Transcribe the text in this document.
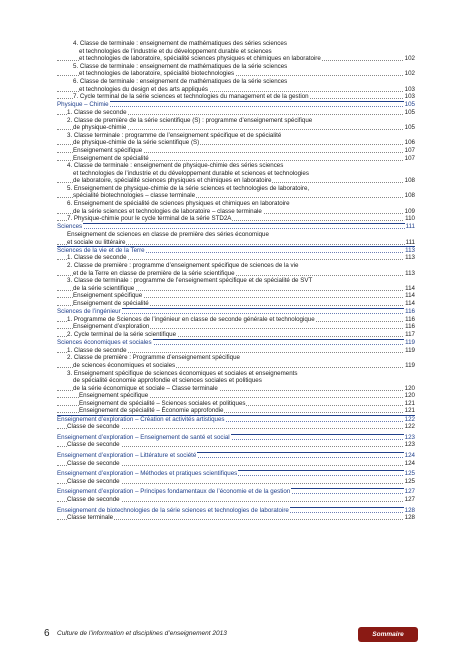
4. Classe de terminale : enseignement de mathématiques des séries sciences
et technologies de l’industrie et du développement durable et sciences
et technologies de laboratoire, spécialité sciences physiques et chimiques en laboratoire	102
5. Classe de terminale : enseignement de mathématiques de la série sciences
et technologies de laboratoire, spécialité biotechnologies	102
6. Classe de terminale : enseignement de mathématiques de la série sciences
et technologies du design et des arts appliqués	103
7. Cycle terminal de la série sciences et technologies du management et de la gestion	103
Physique – Chimie	105
1. Classe de seconde	105
2. Classe de première de la série scientifique (S) : programme d’enseignement spécifique
de physique-chimie	105
3. Classe terminale : programme de l’enseignement spécifique et de spécialité
de physique-chimie de la série scientifique (S)	106
Enseignement spécifique	107
Enseignement de spécialité	107
4. Classe de terminale : enseignement de physique-chimie des séries sciences
et technologies de l’industrie et du développement durable et sciences et technologies
de laboratoire, spécialité sciences physiques et chimiques en laboratoire	108
5. Enseignement de physique-chimie de la série sciences et technologies de laboratoire,
spécialité biotechnologies – classe terminale	108
6. Enseignement de spécialité de sciences physiques et chimiques en laboratoire
de la série sciences et technologies de laboratoire – classe terminale	109
7. Physique-chimie pour le cycle terminal de la série STD2A	110
Sciences	111
Enseignement de sciences en classe de première des séries économique
et sociale ou littéraire	111
Sciences de la vie et de la Terre	113
1. Classe de seconde	113
2. Classe de première : programme d’enseignement spécifique de sciences de la vie
et de la Terre en classe de première de la série scientifique	113
3. Classe de terminale : programme de l’enseignement spécifique et de spécialité de SVT
de la série scientifique	114
Enseignement spécifique	114
Enseignement de spécialité	114
Sciences de l’ingénieur	116
1. Programme de Sciences de l’ingénieur en classe de seconde générale et technologique	116
Enseignement d’exploration	116
2. Cycle terminal de la série scientifique	117
Sciences économiques et sociales	119
1. Classe de seconde	119
2. Classe de première : Programme d’enseignement spécifique
de sciences économiques et sociales	119
3. Enseignement spécifique de sciences économiques et sociales et enseignements
de spécialité économie approfondie et sciences sociales et politiques
de la série économique et sociale – Classe terminale	120
Enseignement spécifique	120
Enseignement de spécialité – Sciences sociales et politiques	121
Enseignement de spécialité – Économie approfondie	121
Enseignement d’exploration – Création et activités artistiques	122
Classe de seconde	122
Enseignement d’exploration – Enseignement de santé et social	123
Classe de seconde	123
Enseignement d’exploration – Littérature et société	124
Classe de seconde	124
Enseignement d’exploration – Méthodes et pratiques scientifiques	125
Classe de seconde	125
Enseignement d’exploration – Principes fondamentaux de l’économie et de la gestion	127
Classe de seconde	127
Enseignement de biotechnologies de la série sciences et technologies de laboratoire	128
Classe terminale	128
6 Culture de l’information et disciplines d’enseignement 2013	Sommaire
